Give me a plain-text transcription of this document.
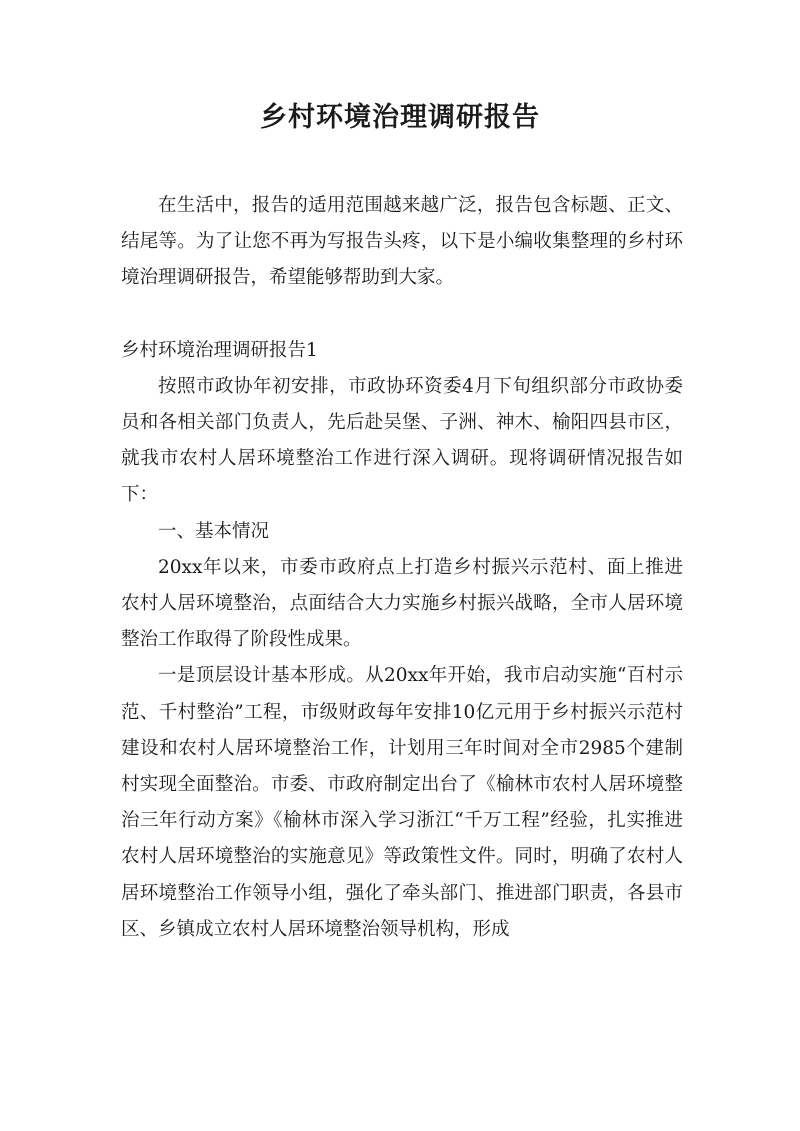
乡村环境治理调研报告

在生活中，报告的适用范围越来越广泛，报告包含标题、正文、结尾等。为了让您不再为写报告头疼，以下是小编收集整理的乡村环境治理调研报告，希望能够帮助到大家。

乡村环境治理调研报告1

按照市政协年初安排，市政协环资委4月下旬组织部分市政协委员和各相关部门负责人，先后赴吴堡、子洲、神木、榆阳四县市区，就我市农村人居环境整治工作进行深入调研。现将调研情况报告如下：

一、基本情况

20xx年以来，市委市政府点上打造乡村振兴示范村、面上推进农村人居环境整治，点面结合大力实施乡村振兴战略，全市人居环境整治工作取得了阶段性成果。

一是顶层设计基本形成。从20xx年开始，我市启动实施“百村示范、千村整治”工程，市级财政每年安排10亿元用于乡村振兴示范村建设和农村人居环境整治工作，计划用三年时间对全市2985个建制村实现全面整治。市委、市政府制定出台了《榆林市农村人居环境整治三年行动方案》《榆林市深入学习浙江“千万工程”经验，扎实推进农村人居环境整治的实施意见》等政策性文件。同时，明确了农村人居环境整治工作领导小组，强化了牵头部门、推进部门职责，各县市区、乡镇成立农村人居环境整治领导机构，形成
